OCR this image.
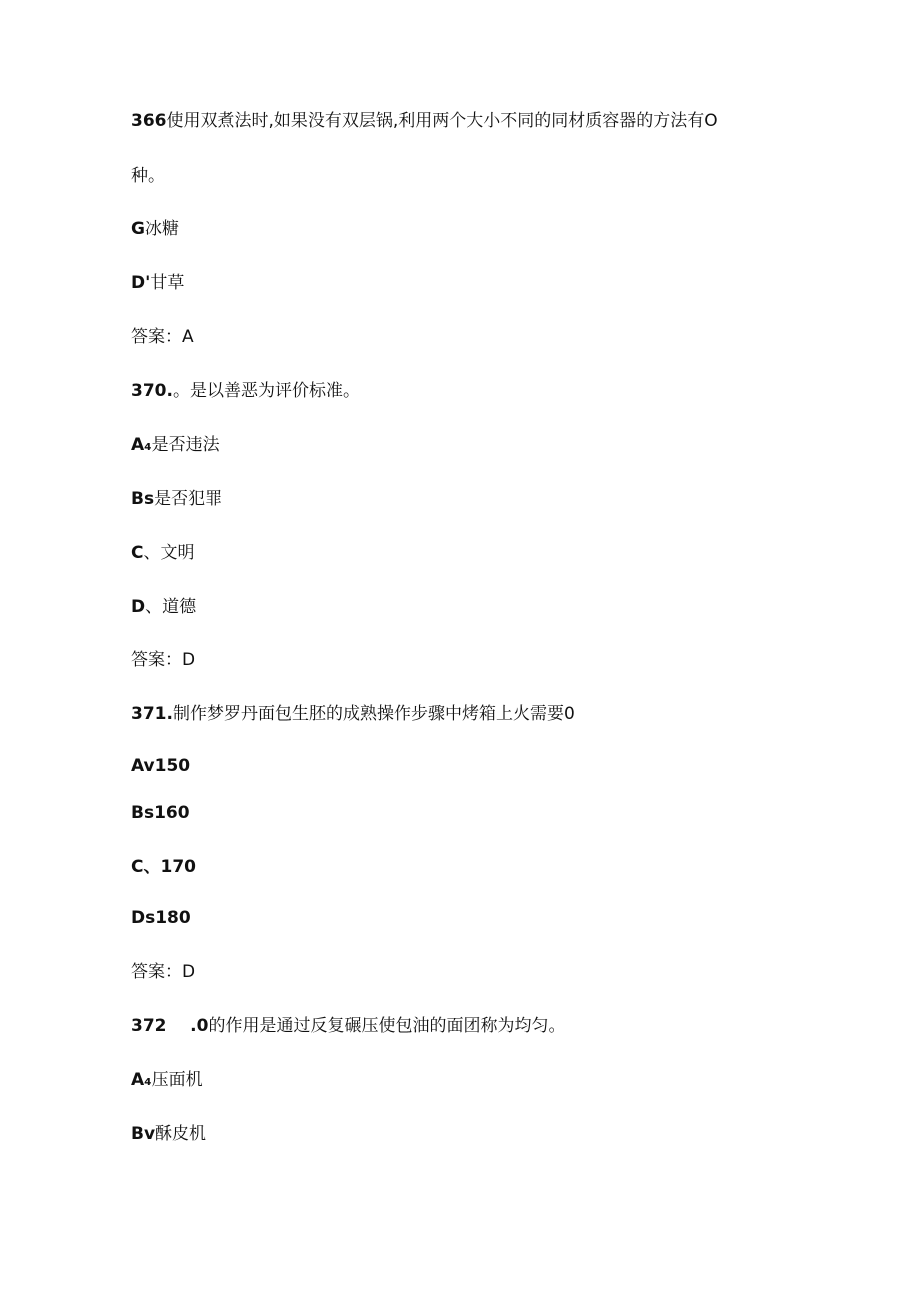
366使用双煮法时,如果没有双层锅,利用两个大小不同的同材质容器的方法有O
种。
G冰糖
D'甘草
答案：A
370.。是以善恶为评价标准。
A₄是否违法
Bs是否犯罪
C、文明
D、道德
答案：D
371.制作梦罗丹面包生胚的成熟操作步骤中烤箱上火需要0
Av150
Bs160
C、170
Ds180
答案：D
372    .0的作用是通过反复碾压使包油的面团称为均匀。
A₄压面机
Bv酥皮机
